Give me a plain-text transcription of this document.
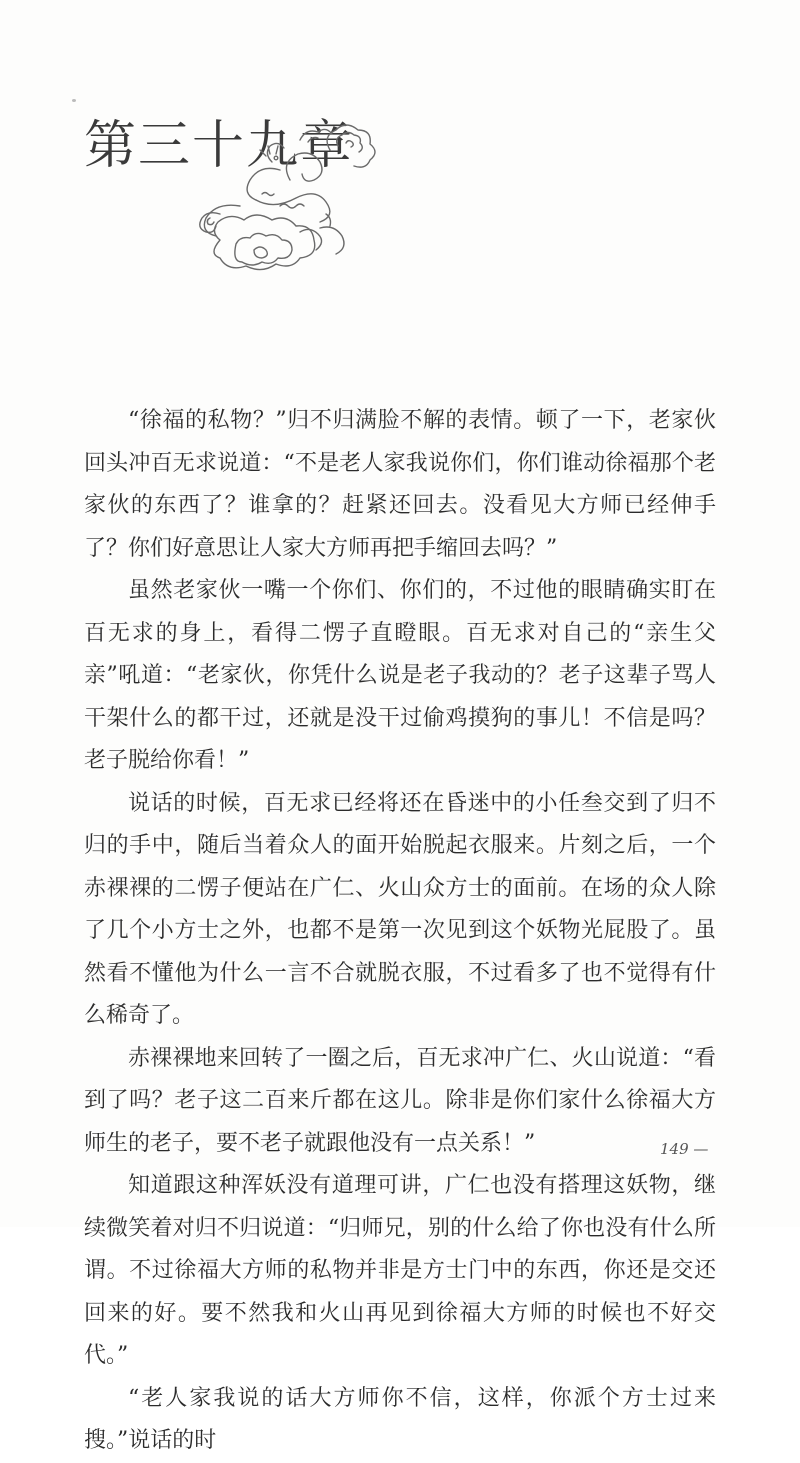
第三十九章

“徐福的私物？”归不归满脸不解的表情。顿了一下，老家伙回头冲百无求说道：“不是老人家我说你们，你们谁动徐福那个老家伙的东西了？谁拿的？赶紧还回去。没看见大方师已经伸手了？你们好意思让人家大方师再把手缩回去吗？”

虽然老家伙一嘴一个你们、你们的，不过他的眼睛确实盯在百无求的身上，看得二愣子直瞪眼。百无求对自己的“亲生父亲”吼道：“老家伙，你凭什么说是老子我动的？老子这辈子骂人干架什么的都干过，还就是没干过偷鸡摸狗的事儿！不信是吗？老子脱给你看！”

说话的时候，百无求已经将还在昏迷中的小任叁交到了归不归的手中，随后当着众人的面开始脱起衣服来。片刻之后，一个赤裸裸的二愣子便站在广仁、火山众方士的面前。在场的众人除了几个小方士之外，也都不是第一次见到这个妖物光屁股了。虽然看不懂他为什么一言不合就脱衣服，不过看多了也不觉得有什么稀奇了。

赤裸裸地来回转了一圈之后，百无求冲广仁、火山说道：“看到了吗？老子这二百来斤都在这儿。除非是你们家什么徐福大方师生的老子，要不老子就跟他没有一点关系！”

知道跟这种浑妖没有道理可讲，广仁也没有搭理这妖物，继续微笑着对归不归说道：“归师兄，别的什么给了你也没有什么所谓。不过徐福大方师的私物并非是方士门中的东西，你还是交还回来的好。要不然我和火山再见到徐福大方师的时候也不好交代。”

“老人家我说的话大方师你不信，这样，你派个方士过来搜。”说话的时

149 —
